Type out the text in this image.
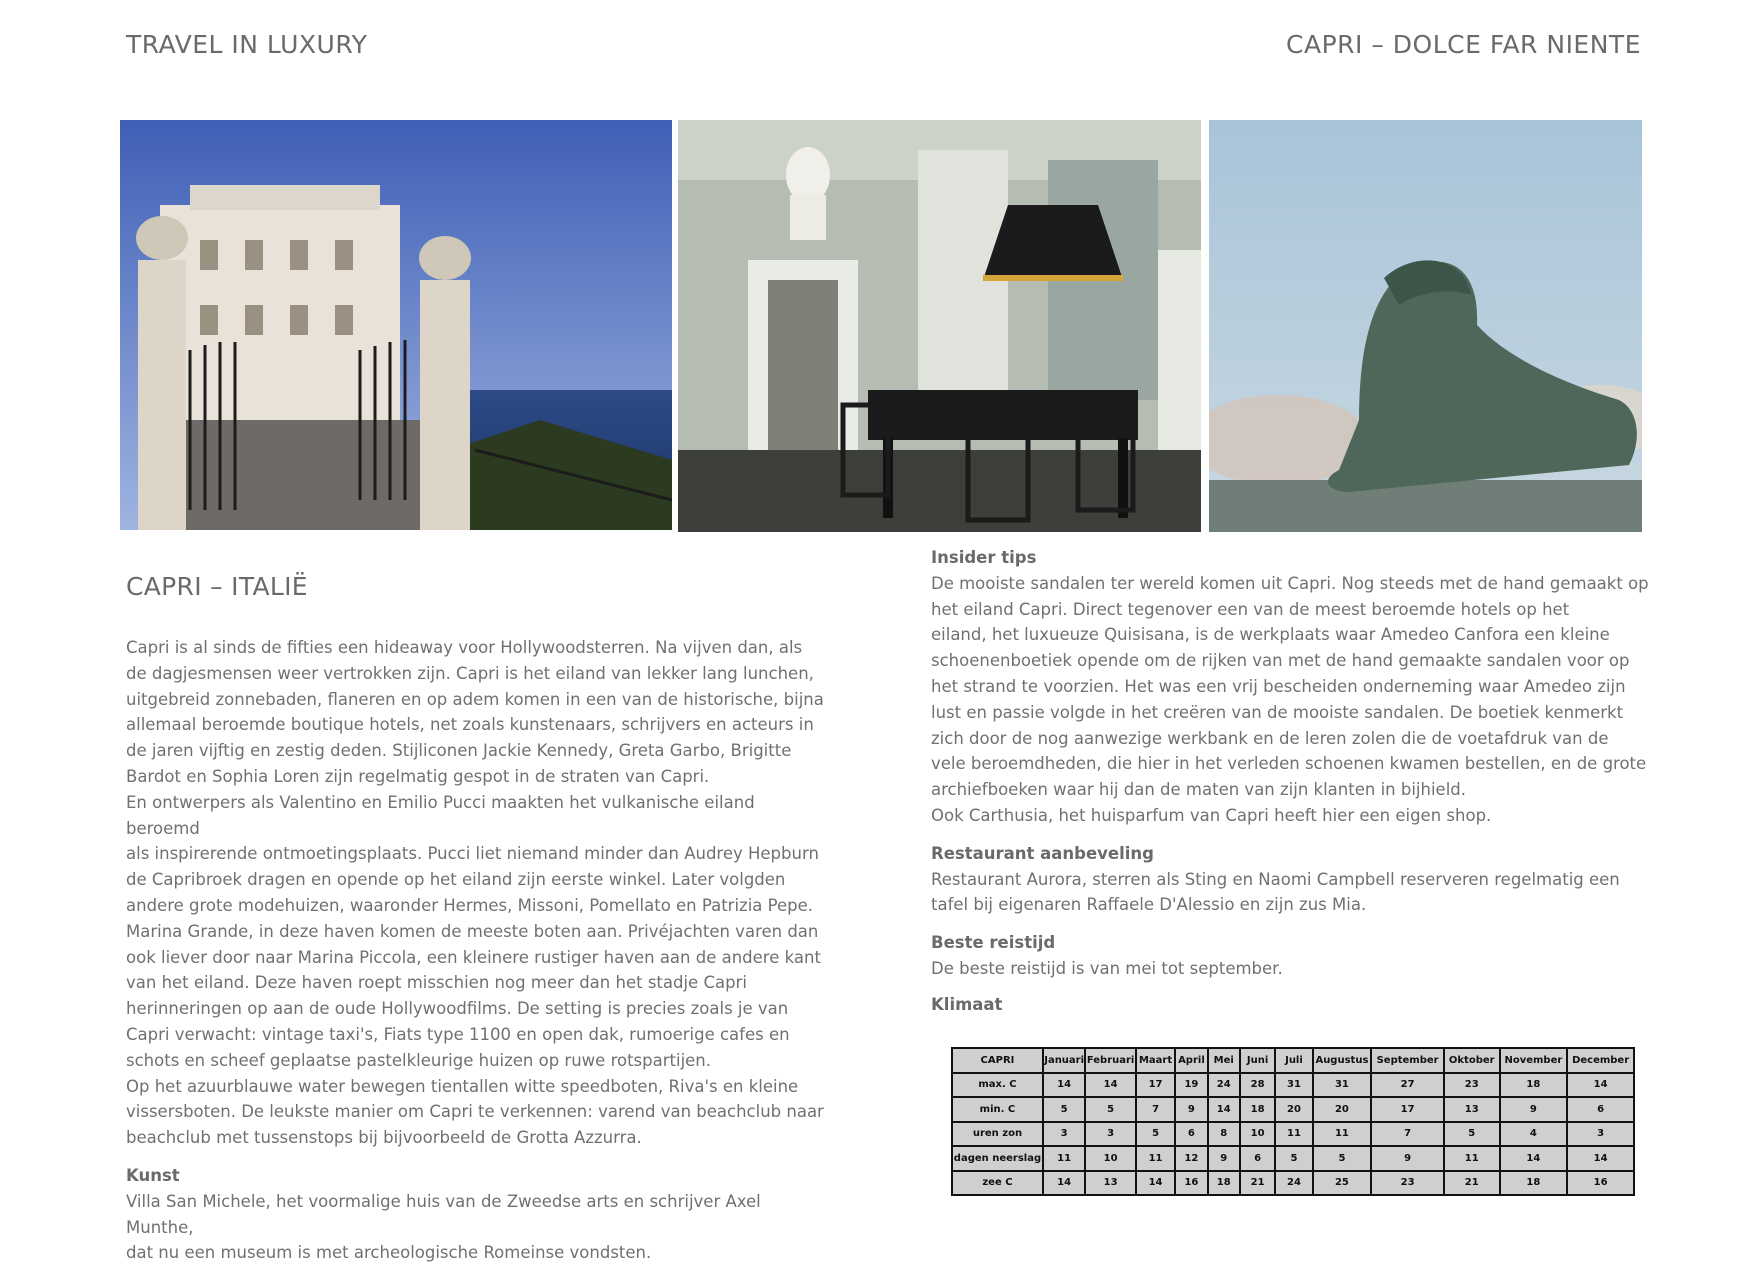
TRAVEL IN LUXURY	CAPRI – DOLCE FAR NIENTE
CAPRI – ITALIË

Capri is al sinds de fifties een hideaway voor Hollywoodsterren. Na vijven dan, als

de dagjesmensen weer vertrokken zijn. Capri is het eiland van lekker lang lunchen,

uitgebreid zonnebaden, flaneren en op adem komen in een van de historische, bijna

allemaal beroemde boutique hotels, net zoals kunstenaars, schrijvers en acteurs in

de jaren vijftig en zestig deden. Stijliconen Jackie Kennedy, Greta Garbo, Brigitte

Bardot en Sophia Loren zijn regelmatig gespot in de straten van Capri.

En ontwerpers als Valentino en Emilio Pucci maakten het vulkanische eiland beroemd

als inspirerende ontmoetingsplaats. Pucci liet niemand minder dan Audrey Hepburn

de Capribroek dragen en opende op het eiland zijn eerste winkel. Later volgden

andere grote modehuizen, waaronder Hermes, Missoni, Pomellato en Patrizia Pepe.

Marina Grande, in deze haven komen de meeste boten aan. Privéjachten varen dan

ook liever door naar Marina Piccola, een kleinere rustiger haven aan de andere kant

van het eiland. Deze haven roept misschien nog meer dan het stadje Capri

herinneringen op aan de oude Hollywoodfilms. De setting is precies zoals je van

Capri verwacht: vintage taxi's, Fiats type 1100 en open dak, rumoerige cafes en

schots en scheef geplaatse pastelkleurige huizen op ruwe rotspartijen.

Op het azuurblauwe water bewegen tientallen witte speedboten, Riva's en kleine

vissersboten. De leukste manier om Capri te verkennen: varend van beachclub naar

beachclub met tussenstops bij bijvoorbeeld de Grotta Azzurra.

Kunst

Villa San Michele, het voormalige huis van de Zweedse arts en schrijver Axel Munthe,

dat nu een museum is met archeologische Romeinse vondsten.

Insider tips

De mooiste sandalen ter wereld komen uit Capri. Nog steeds met de hand gemaakt op

het eiland Capri. Direct tegenover een van de meest beroemde hotels op het

eiland, het luxueuze Quisisana, is de werkplaats waar Amedeo Canfora een kleine

schoenenboetiek opende om de rijken van met de hand gemaakte sandalen voor op

het strand te voorzien. Het was een vrij bescheiden onderneming waar Amedeo zijn

lust en passie volgde in het creëren van de mooiste sandalen. De boetiek kenmerkt

zich door de nog aanwezige werkbank en de leren zolen die de voetafdruk van de

vele beroemdheden, die hier in het verleden schoenen kwamen bestellen, en de grote

archiefboeken waar hij dan de maten van zijn klanten in bijhield.

Ook Carthusia, het huisparfum van Capri heeft hier een eigen shop.

Restaurant aanbeveling

Restaurant Aurora, sterren als Sting en Naomi Campbell reserveren regelmatig een

tafel bij eigenaren Raffaele D'Alessio en zijn zus Mia.

Beste reistijd

De beste reistijd is van mei tot september.

Klimaat

CAPRI	Januari	Februari	Maart	April	Mei	Juni	Juli	Augustus	September	Oktober	November	December
max. C	14	14	17	19	24	28	31	31	27	23	18	14
min. C	5	5	7	9	14	18	20	20	17	13	9	6
uren zon	3	3	5	6	8	10	11	11	7	5	4	3
dagen neerslag	11	10	11	12	9	6	5	5	9	11	14	14
zee C	14	13	14	16	18	21	24	25	23	21	18	16
